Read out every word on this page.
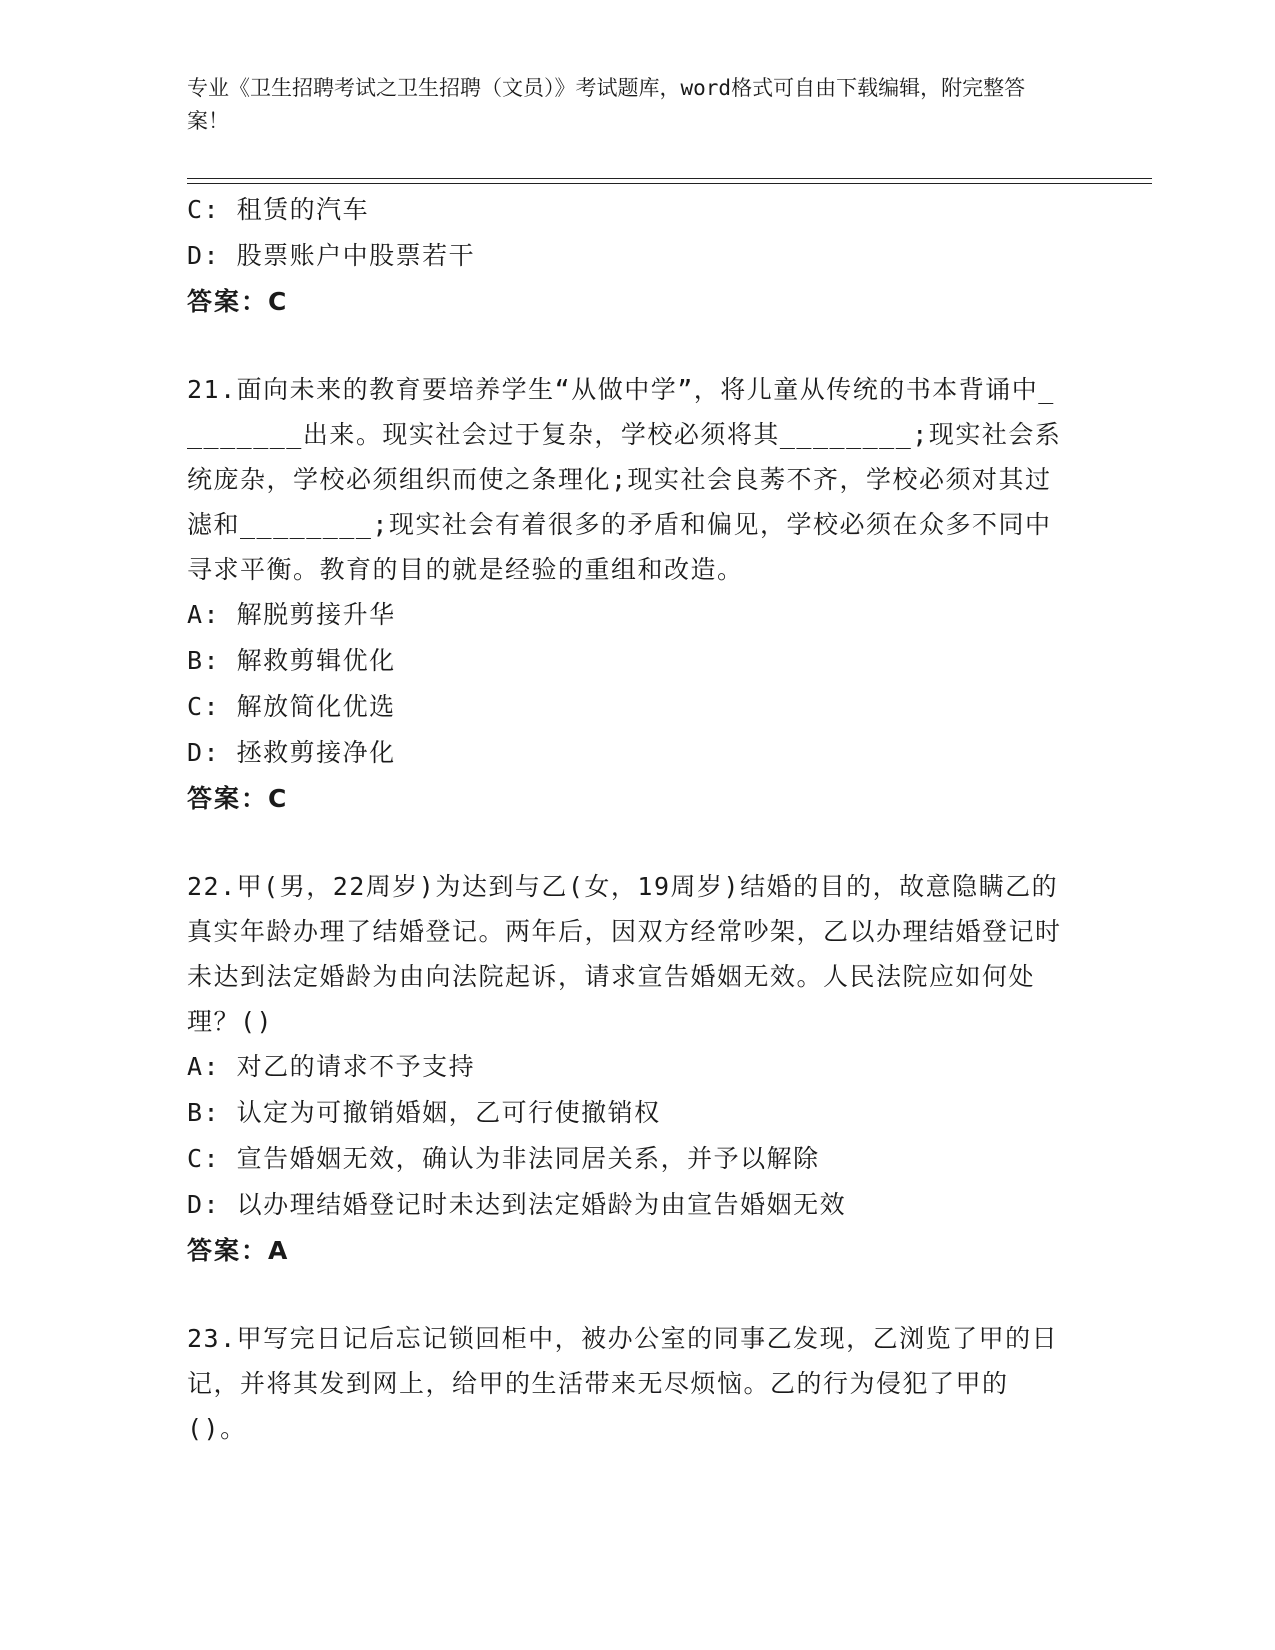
专业《卫生招聘考试之卫生招聘（文员）》考试题库，word格式可自由下载编辑，附完整答案！
C: 租赁的汽车
D: 股票账户中股票若干
答案：C
21.面向未来的教育要培养学生“从做中学”，将儿童从传统的书本背诵中________出来。现实社会过于复杂，学校必须将其________;现实社会系统庞杂，学校必须组织而使之条理化;现实社会良莠不齐，学校必须对其过滤和________;现实社会有着很多的矛盾和偏见，学校必须在众多不同中寻求平衡。教育的目的就是经验的重组和改造。
A: 解脱剪接升华
B: 解救剪辑优化
C: 解放简化优选
D: 拯救剪接净化
答案：C
22.甲(男，22周岁)为达到与乙(女，19周岁)结婚的目的，故意隐瞒乙的真实年龄办理了结婚登记。两年后，因双方经常吵架，乙以办理结婚登记时未达到法定婚龄为由向法院起诉，请求宣告婚姻无效。人民法院应如何处理？()
A: 对乙的请求不予支持
B: 认定为可撤销婚姻，乙可行使撤销权
C: 宣告婚姻无效，确认为非法同居关系，并予以解除
D: 以办理结婚登记时未达到法定婚龄为由宣告婚姻无效
答案：A
23.甲写完日记后忘记锁回柜中，被办公室的同事乙发现，乙浏览了甲的日记，并将其发到网上，给甲的生活带来无尽烦恼。乙的行为侵犯了甲的()。
